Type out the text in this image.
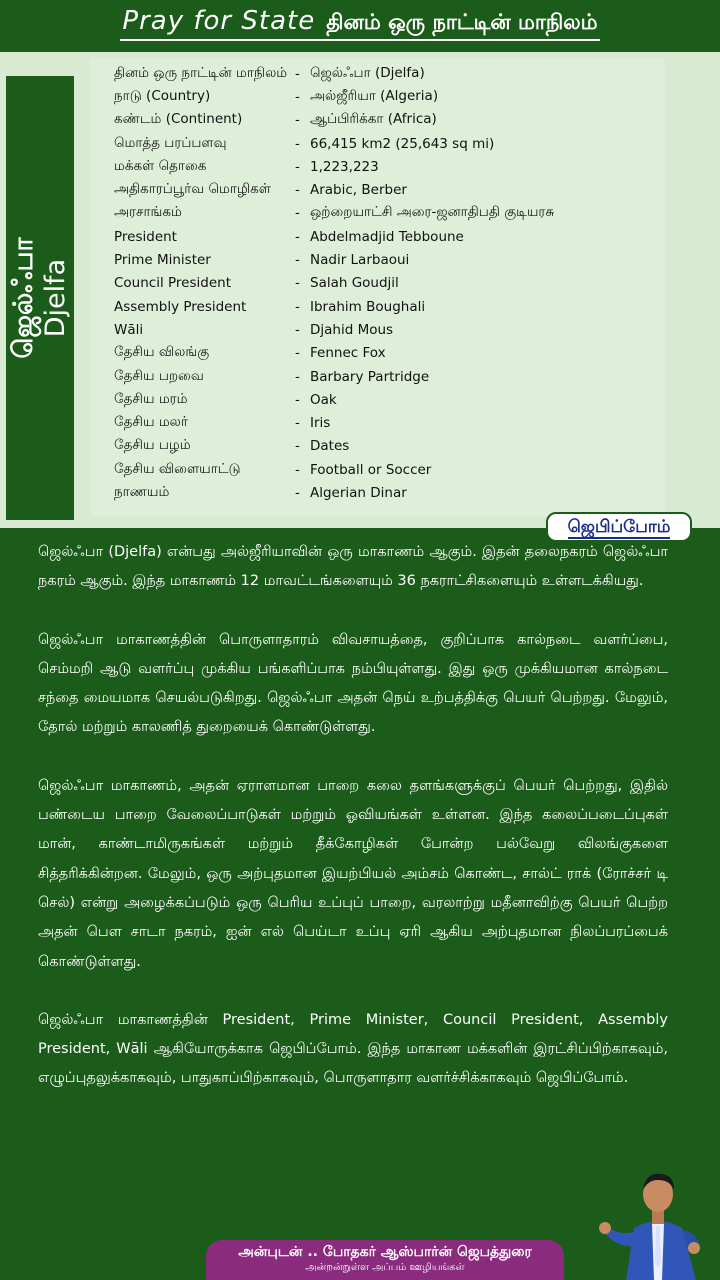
Pray for State தினம் ஒரு நாட்டின் மாநிலம்
ஜெல்ஃபா Djelfa
தினம் ஒரு நாட்டின் மாநிலம் - ஜெல்ஃபா (Djelfa)
நாடு (Country)	- அல்ஜீரியா (Algeria)
கண்டம் (Continent)	- ஆப்பிரிக்கா (Africa)
மொத்த பரப்பளவு	- 66,415 km2 (25,643 sq mi)
மக்கள் தொகை	- 1,223,223
அதிகாரப்பூர்வ மொழிகள்	- Arabic, Berber
அரசாங்கம்	- ஒற்றையாட்சி அரை-ஜனாதிபதி குடியரசு
President	- Abdelmadjid Tebboune
Prime Minister	- Nadir Larbaoui
Council President	- Salah Goudjil
Assembly President	- Ibrahim Boughali
Wāli	- Djahid Mous
தேசிய விலங்கு	- Fennec Fox
தேசிய பறவை	- Barbary Partridge
தேசிய மரம்	- Oak
தேசிய மலர்	- Iris
தேசிய பழம்	- Dates
தேசிய விளையாட்டு	- Football or Soccer
நாணயம்	- Algerian Dinar
ஜெபிப்போம்

ஜெல்ஃபா (Djelfa) என்பது அல்ஜீரியாவின் ஒரு மாகாணம் ஆகும். இதன் தலைநகரம் ஜெல்ஃபா நகரம் ஆகும். இந்த மாகாணம் 12 மாவட்டங்களையும் 36 நகராட்சிகளையும் உள்ளடக்கியது.

ஜெல்ஃபா மாகாணத்தின் பொருளாதாரம் விவசாயத்தை, குறிப்பாக கால்நடை வளர்ப்பை, செம்மறி ஆடு வளர்ப்பு முக்கிய பங்களிப்பாக நம்பியுள்ளது. இது ஒரு முக்கியமான கால்நடை சந்தை மையமாக செயல்படுகிறது. ஜெல்ஃபா அதன் நெய் உற்பத்திக்கு பெயர் பெற்றது. மேலும், தோல் மற்றும் காலணித் துறையைக் கொண்டுள்ளது.

ஜெல்ஃபா மாகாணம், அதன் ஏராளமான பாறை கலை தளங்களுக்குப் பெயர் பெற்றது, இதில் பண்டைய பாறை வேலைப்பாடுகள் மற்றும் ஓவியங்கள் உள்ளன. இந்த கலைப்படைப்புகள் மான், காண்டாமிருகங்கள் மற்றும் தீக்கோழிகள் போன்ற பல்வேறு விலங்குகளை சித்தரிக்கின்றன. மேலும், ஒரு அற்புதமான இயற்பியல் அம்சம் கொண்ட, சால்ட் ராக் (ரோச்சர் டி செல்) என்று அழைக்கப்படும் ஒரு பெரிய உப்புப் பாறை, வரலாற்று மதீனாவிற்கு பெயர் பெற்ற அதன் பௌ சாடா நகரம், ஐன் எல் பெய்டா உப்பு ஏரி ஆகிய அற்புதமான நிலப்பரப்பைக் கொண்டுள்ளது.

ஜெல்ஃபா மாகாணத்தின் President, Prime Minister, Council President, Assembly President, Wāli ஆகியோருக்காக ஜெபிப்போம். இந்த மாகாண மக்களின் இரட்சிப்பிற்காகவும், எழுப்புதலுக்காகவும், பாதுகாப்பிற்காகவும், பொருளாதார வளர்ச்சிக்காகவும் ஜெபிப்போம்.

அன்புடன் .. போதகர் ஆஸ்பார்ன் ஜெபத்துரை
அன்றன்றுள்ள அப்பம் ஊழியங்கள்
